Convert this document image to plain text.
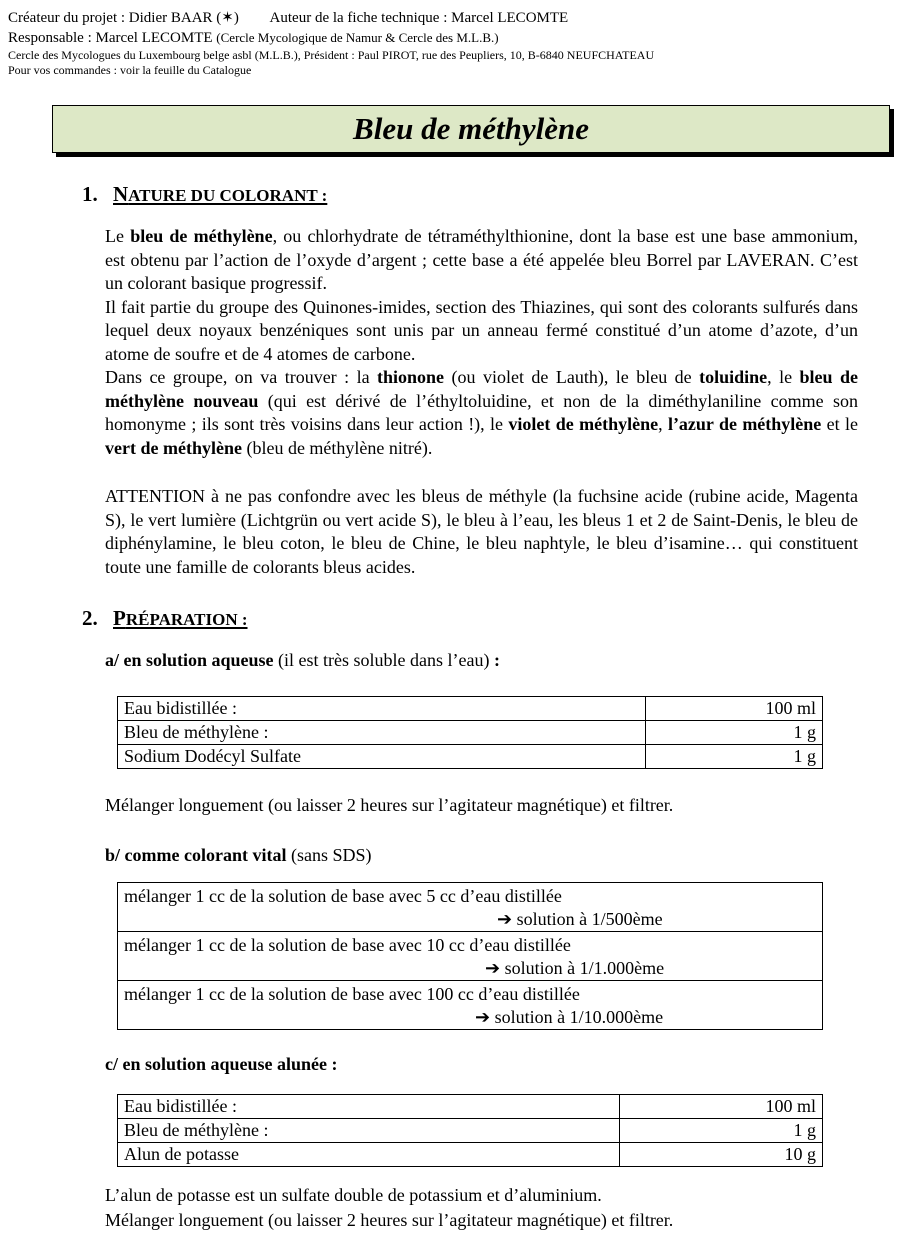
Créateur du projet : Didier BAAR (✶) Auteur de la fiche technique : Marcel LECOMTE
Responsable : Marcel LECOMTE (Cercle Mycologique de Namur & Cercle des M.L.B.)
Cercle des Mycologues du Luxembourg belge asbl (M.L.B.), Président : Paul PIROT, rue des Peupliers, 10, B-6840 NEUFCHATEAU
Pour vos commandes : voir la feuille du Catalogue
Bleu de méthylène
1. NATURE DU COLORANT :

Le bleu de méthylène, ou chlorhydrate de tétraméthylthionine, dont la base est une base ammonium, est obtenu par l’action de l’oxyde d’argent ; cette base a été appelée bleu Borrel par LAVERAN. C’est un colorant basique progressif.

Il fait partie du groupe des Quinones-imides, section des Thiazines, qui sont des colorants sulfurés dans lequel deux noyaux benzéniques sont unis par un anneau fermé constitué d’un atome d’azote, d’un atome de soufre et de 4 atomes de carbone.

Dans ce groupe, on va trouver : la thionone (ou violet de Lauth), le bleu de toluidine, le bleu de méthylène nouveau (qui est dérivé de l’éthyltoluidine, et non de la diméthylaniline comme son homonyme ; ils sont très voisins dans leur action !), le violet de méthylène, l’azur de méthylène et le vert de méthylène (bleu de méthylène nitré).

ATTENTION à ne pas confondre avec les bleus de méthyle (la fuchsine acide (rubine acide, Magenta S), le vert lumière (Lichtgrün ou vert acide S), le bleu à l’eau, les bleus 1 et 2 de Saint-Denis, le bleu de diphénylamine, le bleu coton, le bleu de Chine, le bleu naphtyle, le bleu d’isamine… qui constituent toute une famille de colorants bleus acides.
2. PRÉPARATION :
a/ en solution aqueuse (il est très soluble dans l’eau) :
Eau bidistillée :	100 ml
Bleu de méthylène :	1 g
Sodium Dodécyl Sulfate	1 g
Mélanger longuement (ou laisser 2 heures sur l’agitateur magnétique) et filtrer.
b/ comme colorant vital (sans SDS)
mélanger 1 cc de la solution de base avec 5 cc d’eau distillée
➔ solution à 1/500ème

mélanger 1 cc de la solution de base avec 10 cc d’eau distillée
➔ solution à 1/1.000ème

mélanger 1 cc de la solution de base avec 100 cc d’eau distillée
➔ solution à 1/10.000ème
c/ en solution aqueuse alunée :
Eau bidistillée :	100 ml
Bleu de méthylène :	1 g
Alun de potasse	10 g
L’alun de potasse est un sulfate double de potassium et d’aluminium.
Mélanger longuement (ou laisser 2 heures sur l’agitateur magnétique) et filtrer.
